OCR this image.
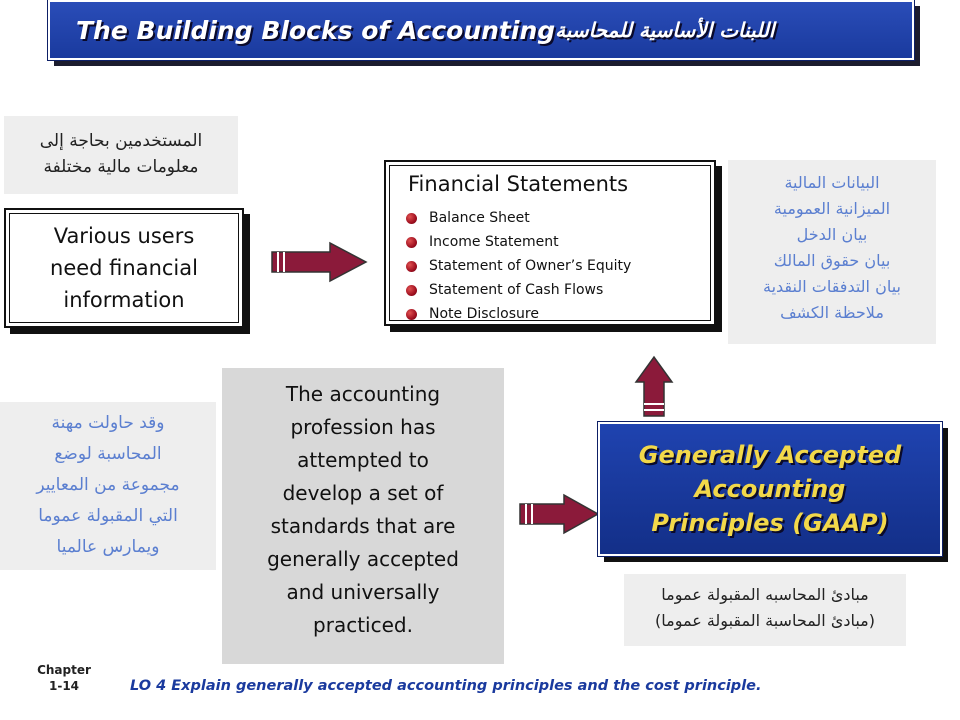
The Building Blocks of Accounting اللبنات الأساسية للمحاسبة
المستخدمين بحاجة إلى
معلومات مالية مختلفة
Various users
need financial
information
Financial Statements
Balance Sheet
Income Statement
Statement of Owner’s Equity
Statement of Cash Flows
Note Disclosure
البيانات المالية
الميزانية العمومية
بيان الدخل
بيان حقوق المالك
بيان التدفقات النقدية
ملاحظة الكشف
وقد حاولت مهنة
المحاسبة لوضع
مجموعة من المعايير
التي المقبولة عموما
ويمارس عالميا
The accounting
profession has
attempted to
develop a set of
standards that are
generally accepted
and universally
practiced.
Generally Accepted
Accounting
Principles (GAAP)
مبادئ المحاسبه المقبولة عموما
(مبادئ المحاسبة المقبولة عموما)
Chapter
1-14	LO 4 Explain generally accepted accounting principles and the cost principle.
